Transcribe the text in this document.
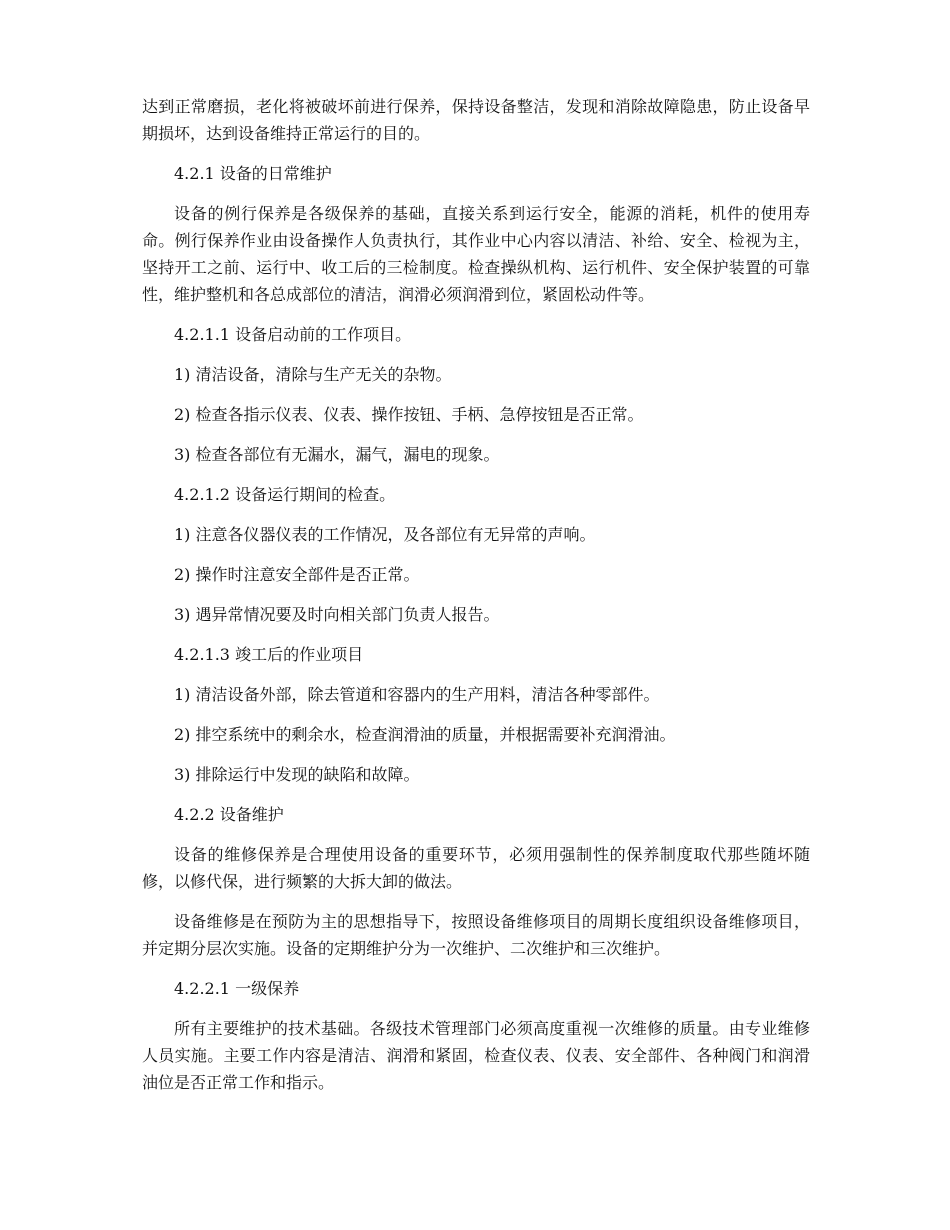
达到正常磨损，老化将被破坏前进行保养，保持设备整洁，发现和消除故障隐患，防止设备早期损坏，达到设备维持正常运行的目的。

4.2.1 设备的日常维护

设备的例行保养是各级保养的基础，直接关系到运行安全，能源的消耗，机件的使用寿命。例行保养作业由设备操作人负责执行，其作业中心内容以清洁、补给、安全、检视为主，坚持开工之前、运行中、收工后的三检制度。检查操纵机构、运行机件、安全保护装置的可靠性，维护整机和各总成部位的清洁，润滑必须润滑到位，紧固松动件等。

4.2.1.1 设备启动前的工作项目。

1) 清洁设备，清除与生产无关的杂物。

2) 检查各指示仪表、仪表、操作按钮、手柄、急停按钮是否正常。

3) 检查各部位有无漏水，漏气，漏电的现象。

4.2.1.2 设备运行期间的检查。

1) 注意各仪器仪表的工作情况，及各部位有无异常的声响。

2) 操作时注意安全部件是否正常。

3) 遇异常情况要及时向相关部门负责人报告。

4.2.1.3 竣工后的作业项目

1) 清洁设备外部，除去管道和容器内的生产用料，清洁各种零部件。

2) 排空系统中的剩余水，检查润滑油的质量，并根据需要补充润滑油。

3) 排除运行中发现的缺陷和故障。

4.2.2 设备维护

设备的维修保养是合理使用设备的重要环节，必须用强制性的保养制度取代那些随坏随修，以修代保，进行频繁的大拆大卸的做法。

设备维修是在预防为主的思想指导下，按照设备维修项目的周期长度组织设备维修项目，并定期分层次实施。设备的定期维护分为一次维护、二次维护和三次维护。

4.2.2.1 一级保养

所有主要维护的技术基础。各级技术管理部门必须高度重视一次维修的质量。由专业维修人员实施。主要工作内容是清洁、润滑和紧固，检查仪表、仪表、安全部件、各种阀门和润滑油位是否正常工作和指示。
